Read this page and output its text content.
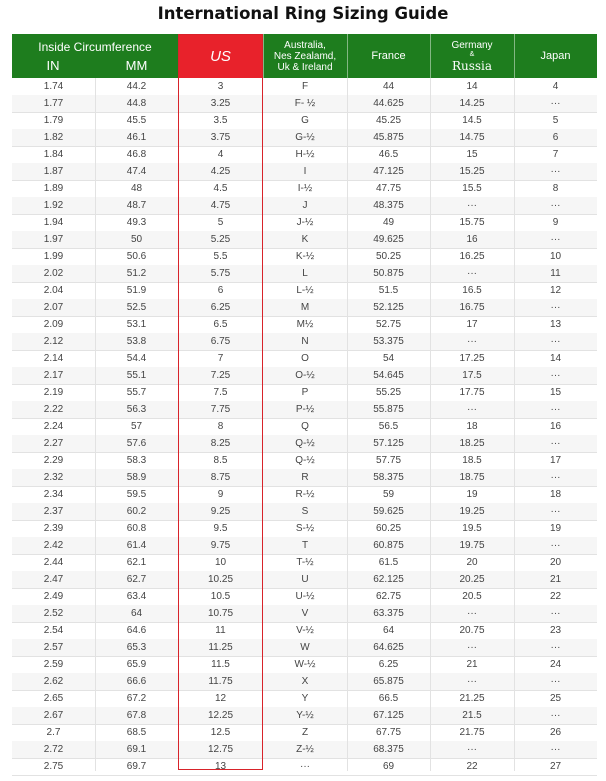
International Ring Sizing Guide
Inside Circumference
IN	MM
US
Australia,
Nes Zealamd,
Uk & Ireland
France
Germany
&
Russia
Japan
1.74	44.2	3	F	44	14	4
1.77	44.8	3.25	F- ½	44.625	14.25	···
1.79	45.5	3.5	G	45.25	14.5	5
1.82	46.1	3.75	G-½	45.875	14.75	6
1.84	46.8	4	H-½	46.5	15	7
1.87	47.4	4.25	I	47.125	15.25	···
1.89	48	4.5	I-½	47.75	15.5	8
1.92	48.7	4.75	J	48.375	···	···
1.94	49.3	5	J-½	49	15.75	9
1.97	50	5.25	K	49.625	16	···
1.99	50.6	5.5	K-½	50.25	16.25	10
2.02	51.2	5.75	L	50.875	···	11
2.04	51.9	6	L-½	51.5	16.5	12
2.07	52.5	6.25	M	52.125	16.75	···
2.09	53.1	6.5	M½	52.75	17	13
2.12	53.8	6.75	N	53.375	···	···
2.14	54.4	7	O	54	17.25	14
2.17	55.1	7.25	O-½	54.645	17.5	···
2.19	55.7	7.5	P	55.25	17.75	15
2.22	56.3	7.75	P-½	55.875	···	···
2.24	57	8	Q	56.5	18	16
2.27	57.6	8.25	Q-½	57.125	18.25	···
2.29	58.3	8.5	Q-½	57.75	18.5	17
2.32	58.9	8.75	R	58.375	18.75	···
2.34	59.5	9	R-½	59	19	18
2.37	60.2	9.25	S	59.625	19.25	···
2.39	60.8	9.5	S-½	60.25	19.5	19
2.42	61.4	9.75	T	60.875	19.75	···
2.44	62.1	10	T-½	61.5	20	20
2.47	62.7	10.25	U	62.125	20.25	21
2.49	63.4	10.5	U-½	62.75	20.5	22
2.52	64	10.75	V	63.375	···	···
2.54	64.6	11	V-½	64	20.75	23
2.57	65.3	11.25	W	64.625	···	···
2.59	65.9	11.5	W-½	6.25	21	24
2.62	66.6	11.75	X	65.875	···	···
2.65	67.2	12	Y	66.5	21.25	25
2.67	67.8	12.25	Y-½	67.125	21.5	···
2.7	68.5	12.5	Z	67.75	21.75	26
2.72	69.1	12.75	Z-½	68.375	···	···
2.75	69.7	13	···	69	22	27
